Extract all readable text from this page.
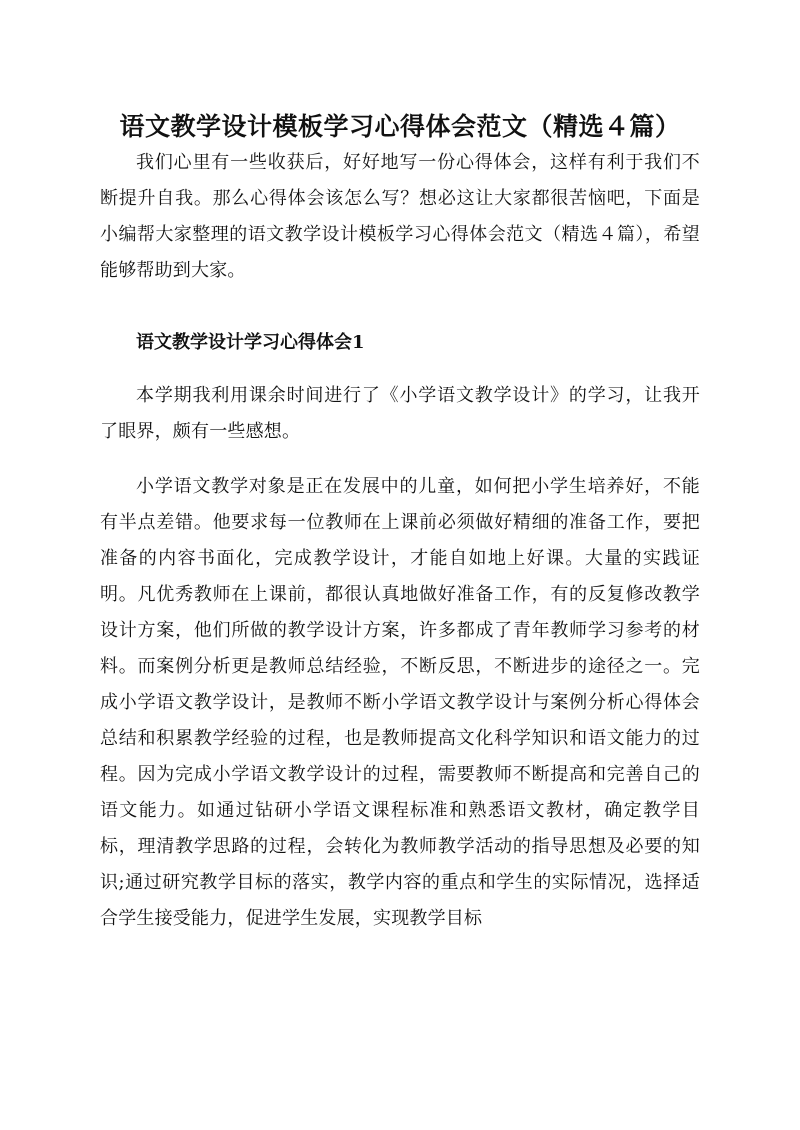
语文教学设计模板学习心得体会范文（精选４篇）

我们心里有一些收获后，好好地写一份心得体会，这样有利于我们不断提升自我。那么心得体会该怎么写？想必这让大家都很苦恼吧，下面是小编帮大家整理的语文教学设计模板学习心得体会范文（精选４篇），希望能够帮助到大家。

语文教学设计学习心得体会1

本学期我利用课余时间进行了《小学语文教学设计》的学习，让我开了眼界，颇有一些感想。

小学语文教学对象是正在发展中的儿童，如何把小学生培养好，不能有半点差错。他要求每一位教师在上课前必须做好精细的准备工作，要把准备的内容书面化，完成教学设计，才能自如地上好课。大量的实践证明。凡优秀教师在上课前，都很认真地做好准备工作，有的反复修改教学设计方案，他们所做的教学设计方案，许多都成了青年教师学习参考的材料。而案例分析更是教师总结经验，不断反思，不断进步的途径之一。完成小学语文教学设计，是教师不断小学语文教学设计与案例分析心得体会总结和积累教学经验的过程，也是教师提高文化科学知识和语文能力的过程。因为完成小学语文教学设计的过程，需要教师不断提高和完善自己的语文能力。如通过钻研小学语文课程标准和熟悉语文教材，确定教学目标，理清教学思路的过程，会转化为教师教学活动的指导思想及必要的知识;通过研究教学目标的落实，教学内容的重点和学生的实际情况，选择适合学生接受能力，促进学生发展，实现教学目标
